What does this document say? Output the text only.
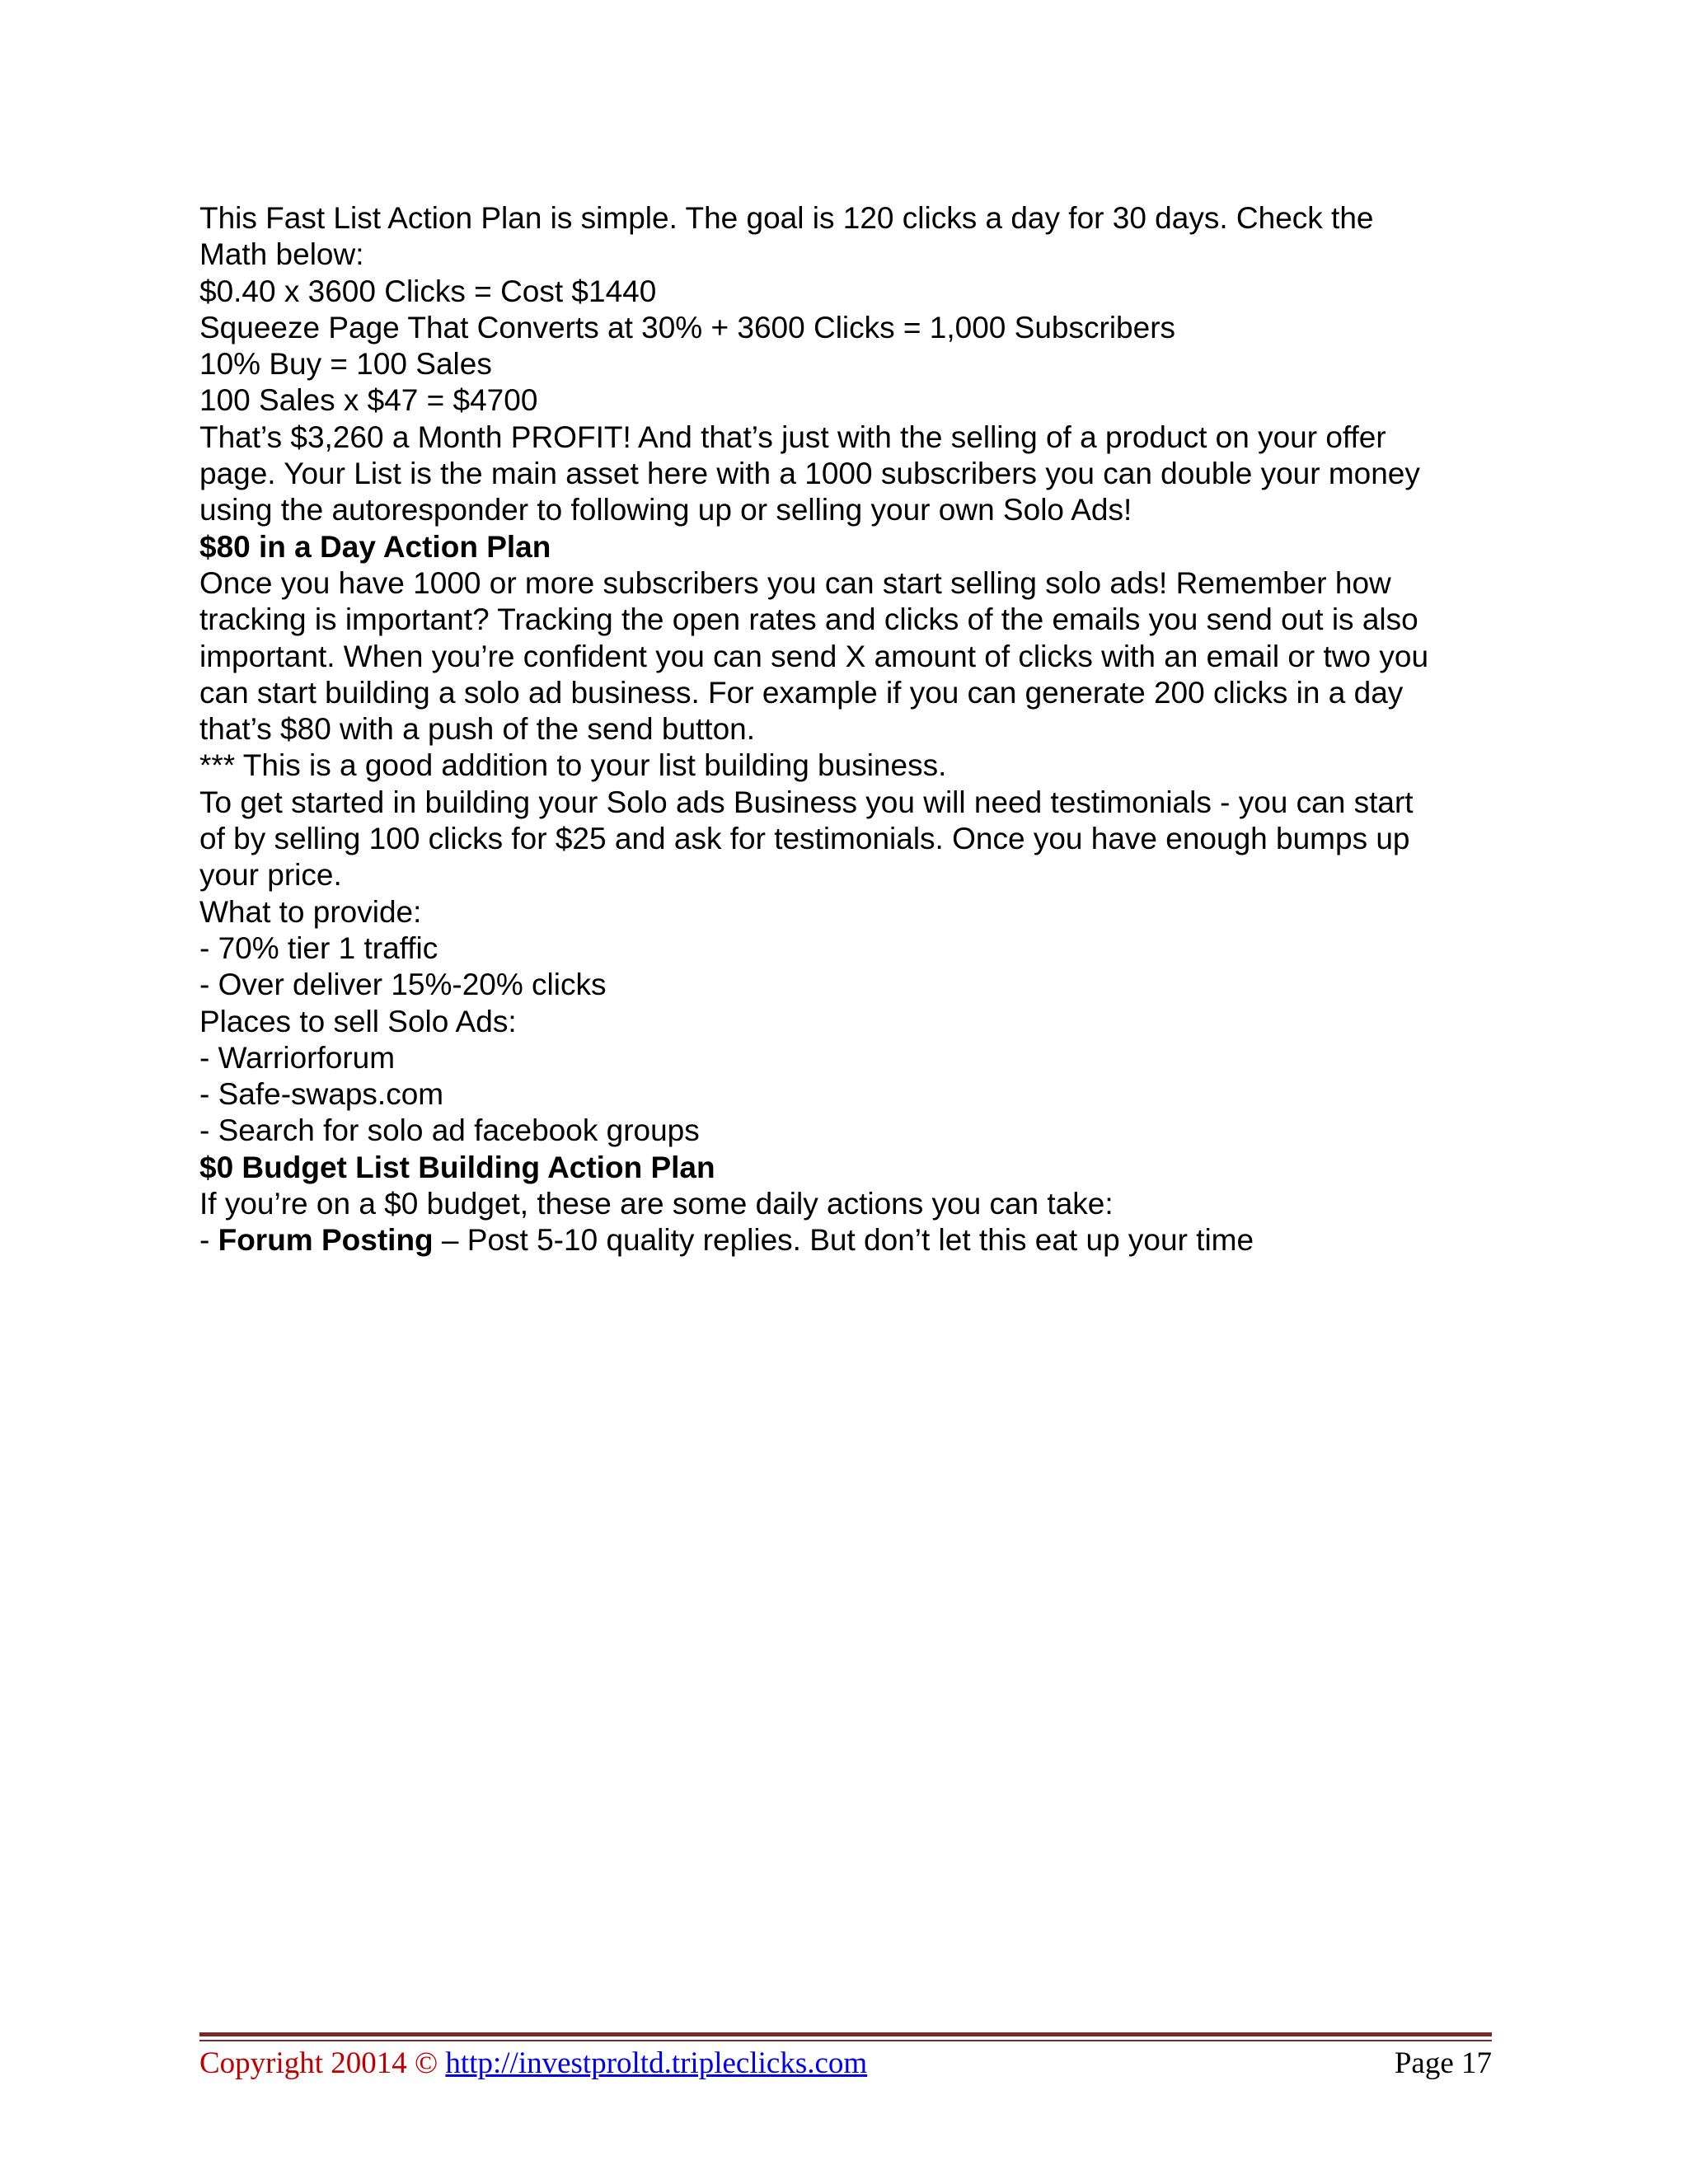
This Fast List Action Plan is simple. The goal is 120 clicks a day for 30 days. Check the
Math below:
$0.40 x 3600 Clicks = Cost $1440
Squeeze Page That Converts at 30% + 3600 Clicks = 1,000 Subscribers
10% Buy = 100 Sales
100 Sales x $47 = $4700
That’s $3,260 a Month PROFIT! And that’s just with the selling of a product on your offer
page. Your List is the main asset here with a 1000 subscribers you can double your money
using the autoresponder to following up or selling your own Solo Ads!
$80 in a Day Action Plan
Once you have 1000 or more subscribers you can start selling solo ads! Remember how
tracking is important? Tracking the open rates and clicks of the emails you send out is also
important. When you’re confident you can send X amount of clicks with an email or two you
can start building a solo ad business. For example if you can generate 200 clicks in a day
that’s $80 with a push of the send button.
*** This is a good addition to your list building business.
To get started in building your Solo ads Business you will need testimonials - you can start
of by selling 100 clicks for $25 and ask for testimonials. Once you have enough bumps up
your price.
What to provide:
- 70% tier 1 traffic
- Over deliver 15%-20% clicks
Places to sell Solo Ads:
- Warriorforum
- Safe-swaps.com
- Search for solo ad facebook groups
$0 Budget List Building Action Plan
If you’re on a $0 budget, these are some daily actions you can take:
- Forum Posting – Post 5-10 quality replies. But don’t let this eat up your time
Copyright 20014 © http://investproltd.tripleclicks.com	Page 17
